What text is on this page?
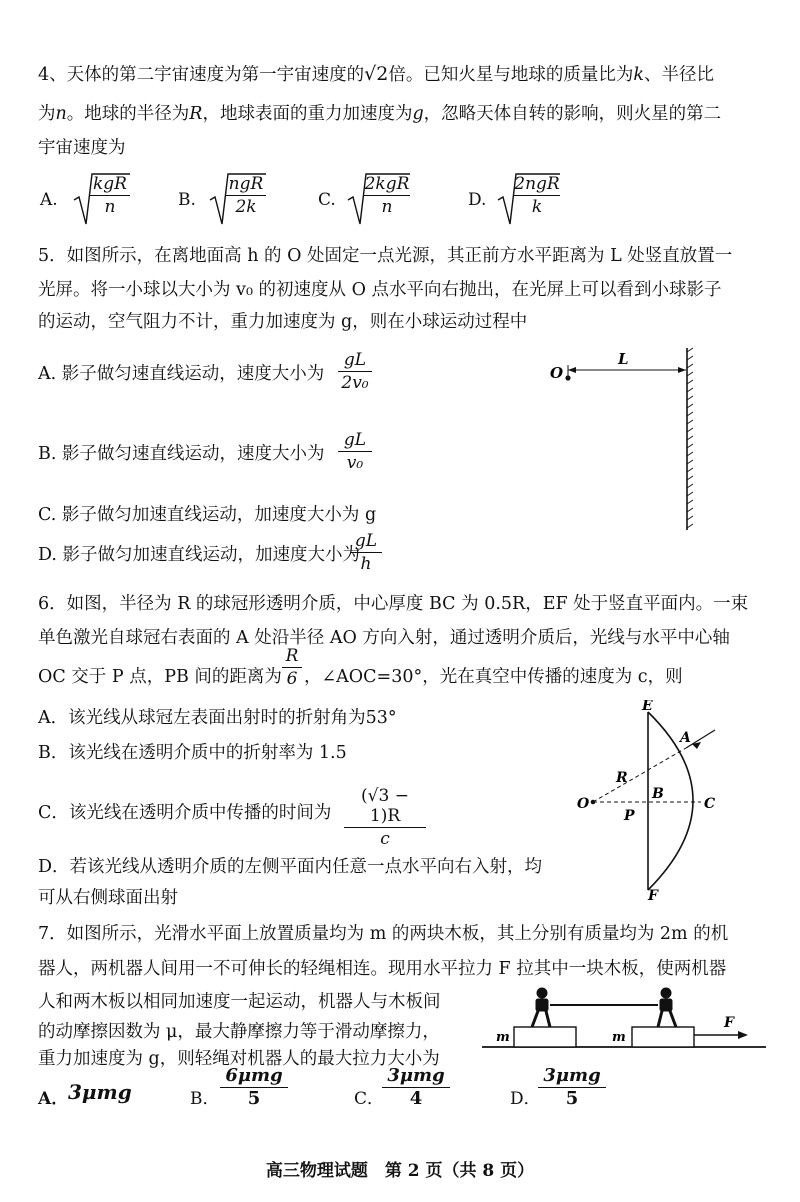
4、天体的第二宇宙速度为第一宇宙速度的√2倍。已知火星与地球的质量比为k、半径比
为n。地球的半径为R，地球表面的重力加速度为g，忽略天体自转的影响，则火星的第二
宇宙速度为
A.
kgR
n	B.
ngR
2k	C.
2kgR
n	D.
2ngR
k
5．如图所示，在离地面高 h 的 O 处固定一点光源，其正前方水平距离为 L 处竖直放置一
光屏。将一小球以大小为 v₀ 的初速度从 O 点水平向右抛出，在光屏上可以看到小球影子
的运动，空气阻力不计，重力加速度为 g，则在小球运动过程中
A. 影子做匀速直线运动，速度大小为
gL
2v₀
B. 影子做匀速直线运动，速度大小为
gL
v₀
C. 影子做匀加速直线运动，加速度大小为 g
D. 影子做匀加速直线运动，加速度大小为
gL
h
O
L
6．如图，半径为 R 的球冠形透明介质，中心厚度 BC 为 0.5R，EF 处于竖直平面内。一束
单色激光自球冠右表面的 A 处沿半径 AO 方向入射，通过透明介质后，光线与水平中心轴
OC 交于 P 点，PB 间的距离为
R
6 ，∠AOC=30°，光在真空中传播的速度为 c，则
A．该光线从球冠左表面出射时的折射角为53°
B．该光线在透明介质中的折射率为 1.5
C．该光线在透明介质中传播的时间为
(√3 − 1)R
c
D．若该光线从透明介质的左侧平面内任意一点水平向右入射，均
可从右侧球面出射
E
A
R
O
B
C
P
F
7．如图所示，光滑水平面上放置质量均为 m 的两块木板，其上分别有质量均为 2m 的机
器人，两机器人间用一不可伸长的轻绳相连。现用水平拉力 F 拉其中一块木板，使两机器
人和两木板以相同加速度一起运动，机器人与木板间
的动摩擦因数为 μ，最大静摩擦力等于滑动摩擦力，
重力加速度为 g，则轻绳对机器人的最大拉力大小为
m	m
F
A． 3μmg	B．
6μmg
5	C．
3μmg
4	D．
3μmg
5
高三物理试题　第 2 页（共 8 页）
